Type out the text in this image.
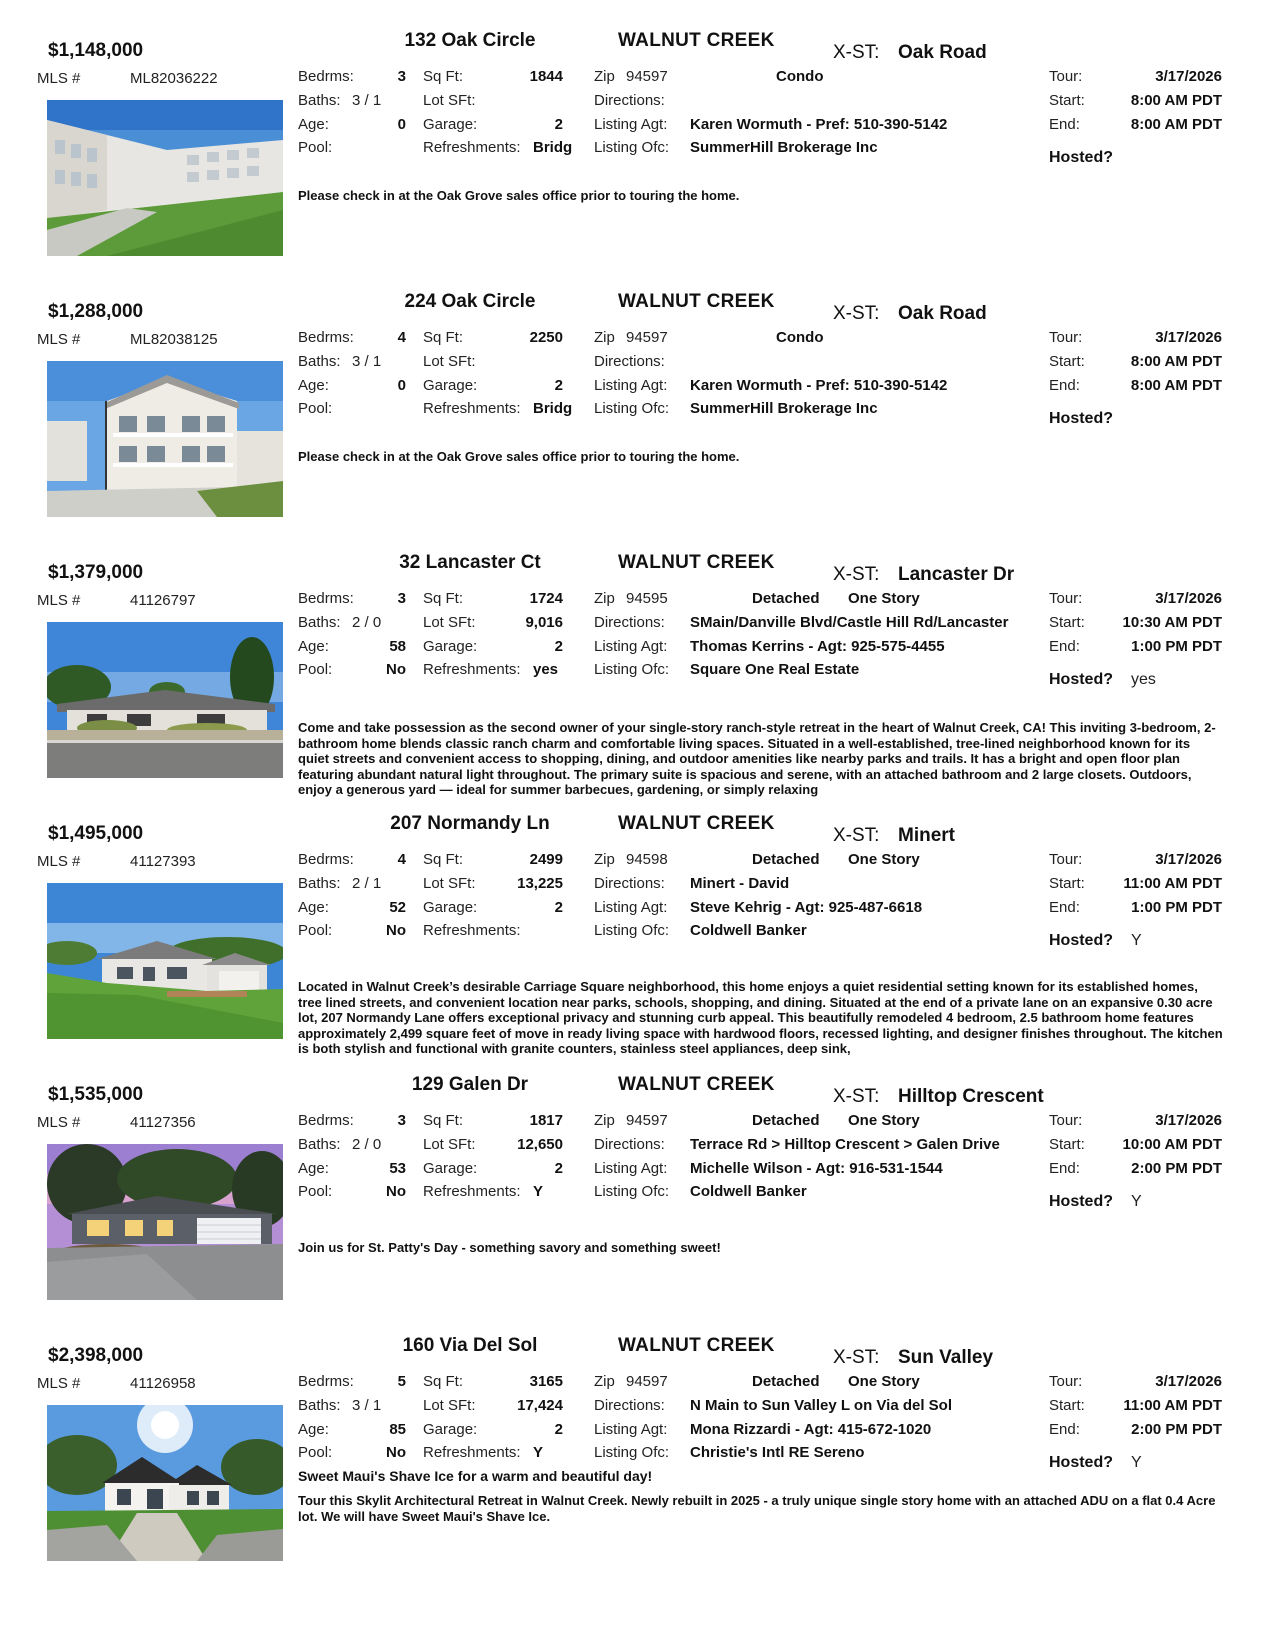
$1,148,000	132 Oak Circle	WALNUT CREEK
X-ST: Oak Road
MLS #	ML82036222	Bedrms:	3
Baths: 3 / 1
Age:	0
Pool:
Sq Ft:	1844
Lot SFt:
Garage:	2
Refreshments: Bridg
Zip 94597	Condo
Directions:
Listing Agt: Karen Wormuth - Pref: 510-390-5142
Listing Ofc: SummerHill Brokerage Inc
Tour:	3/17/2026
Start:	8:00 AM PDT
End:	8:00 AM PDT
Hosted?
Please check in at the Oak Grove sales office prior to touring the home.
$1,288,000	224 Oak Circle	WALNUT CREEK
X-ST: Oak Road
MLS #	ML82038125	Bedrms:	4
Baths: 3 / 1
Age:	0
Pool:
Sq Ft:	2250
Lot SFt:
Garage:	2
Refreshments: Bridg
Zip 94597	Condo
Directions:
Listing Agt: Karen Wormuth - Pref: 510-390-5142
Listing Ofc: SummerHill Brokerage Inc
Tour:	3/17/2026
Start:	8:00 AM PDT
End:	8:00 AM PDT
Hosted?
Please check in at the Oak Grove sales office prior to touring the home.
$1,379,000	32 Lancaster Ct	WALNUT CREEK
X-ST: Lancaster Dr
MLS #	41126797	Bedrms:	3
Baths: 2 / 0
Age:	58
Pool:	No
Sq Ft:	1724
Lot SFt:	9,016
Garage:	2
Refreshments: yes
Zip 94595	Detached One Story
Directions: SMain/Danville Blvd/Castle Hill Rd/Lancaster
Listing Agt: Thomas Kerrins - Agt: 925-575-4455
Listing Ofc: Square One Real Estate
Tour:	3/17/2026
Start:	10:30 AM PDT
End:	1:00 PM PDT
Hosted? yes
Come and take possession as the second owner of your single-story ranch-style retreat in the heart of Walnut Creek, CA! This inviting 3-bedroom, 2-bathroom home blends classic ranch charm and comfortable living spaces. Situated in a well-established, tree-lined neighborhood known for its quiet streets and convenient access to shopping, dining, and outdoor amenities like nearby parks and trails. It has a bright and open floor plan featuring abundant natural light throughout. The primary suite is spacious and serene, with an attached bathroom and 2 large closets. Outdoors, enjoy a generous yard — ideal for summer barbecues, gardening, or simply relaxing
$1,495,000	207 Normandy Ln	WALNUT CREEK
X-ST: Minert
MLS #	41127393	Bedrms:	4
Baths: 2 / 1
Age:	52
Pool:	No
Sq Ft:	2499
Lot SFt:	13,225
Garage:	2
Refreshments:
Zip 94598	Detached One Story
Directions: Minert - David
Listing Agt: Steve Kehrig - Agt: 925-487-6618
Listing Ofc: Coldwell Banker
Tour:	3/17/2026
Start:	11:00 AM PDT
End:	1:00 PM PDT
Hosted? Y
Located in Walnut Creek’s desirable Carriage Square neighborhood, this home enjoys a quiet residential setting known for its established homes, tree lined streets, and convenient location near parks, schools, shopping, and dining. Situated at the end of a private lane on an expansive 0.30 acre lot, 207 Normandy Lane offers exceptional privacy and stunning curb appeal. This beautifully remodeled 4 bedroom, 2.5 bathroom home features approximately 2,499 square feet of move in ready living space with hardwood floors, recessed lighting, and designer finishes throughout. The kitchen is both stylish and functional with granite counters, stainless steel appliances, deep sink,
$1,535,000	129 Galen Dr	WALNUT CREEK
X-ST: Hilltop Crescent
MLS #	41127356	Bedrms:	3
Baths: 2 / 0
Age:	53
Pool:	No
Sq Ft:	1817
Lot SFt:	12,650
Garage:	2
Refreshments: Y
Zip 94597	Detached One Story
Directions: Terrace Rd > Hilltop Crescent > Galen Drive
Listing Agt: Michelle Wilson - Agt: 916-531-1544
Listing Ofc: Coldwell Banker
Tour:	3/17/2026
Start:	10:00 AM PDT
End:	2:00 PM PDT
Hosted? Y
Join us for St. Patty's Day - something savory and something sweet!
$2,398,000	160 Via Del Sol	WALNUT CREEK
X-ST: Sun Valley
MLS #	41126958	Bedrms:	5
Baths: 3 / 1
Age:	85
Pool:	No
Sq Ft:	3165
Lot SFt:	17,424
Garage:	2
Refreshments: Y
Zip 94597	Detached One Story
Directions: N Main to Sun Valley L on Via del Sol
Listing Agt: Mona Rizzardi - Agt: 415-672-1020
Listing Ofc: Christie's Intl RE Sereno
Tour:	3/17/2026
Start:	11:00 AM PDT
End:	2:00 PM PDT
Hosted? Y
Sweet Maui's Shave Ice for a warm and beautiful day!
Tour this Skylit Architectural Retreat in Walnut Creek. Newly rebuilt in 2025 - a truly unique single story home with an attached ADU on a flat 0.4 Acre lot. We will have Sweet Maui's Shave Ice.
